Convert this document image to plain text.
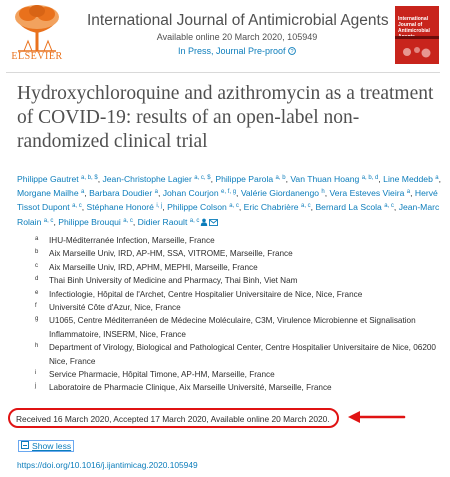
ELSEVIER
International Journal of Antimicrobial Agents
Available online 20 March 2020, 105949
In Press, Journal Pre-proof ?
International Journal of Antimicrobial
Hydroxychloroquine and azithromycin as a treatment of COVID-19: results of an open-label non-randomized clinical trial
Philippe Gautret $^{a, b, \$}$, Jean-Christophe Lagier $^{a, c, \$}$, Philippe Parola $^{a, b}$, Van Thuan Hoang $^{a, b, d}$, Line Meddeb $^a$, Morgane Mailhe $^a$, Barbara Doudier $^a$, Johan Courjon $^{e, f, g}$, Valérie Giordanengo $^h$, Vera Esteves Vieira $^a$, Hervé Tissot Dupont $^{a, c}$, Stéphane Honoré $^{i, j}$, Philippe Colson $^{a, c}$, Eric Chabrière $^{a, c}$, Bernard La Scola $^{a, c}$, Jean-Marc Rolain $^{a, c}$, Philippe Brouqui $^{a, c}$, Didier Raoult $^{a, c}$
a IHU-Méditerranée Infection, Marseille, France
b Aix Marseille Univ, IRD, AP-HM, SSA, VITROME, Marseille, France
c Aix Marseille Univ, IRD, APHM, MEPHI, Marseille, France
d Thai Binh University of Medicine and Pharmacy, Thai Binh, Viet Nam
e Infectiologie, Hôpital de l'Archet, Centre Hospitalier Universitaire de Nice, Nice, France
f Université Côte d'Azur, Nice, France
g U1065, Centre Méditerranéen de Médecine Moléculaire, C3M, Virulence Microbienne et Signalisation Inflammatoire, INSERM, Nice, France
h Department of Virology, Biological and Pathological Center, Centre Hospitalier Universitaire de Nice, 06200 Nice, France
i Service Pharmacie, Hôpital Timone, AP-HM, Marseille, France
j Laboratoire de Pharmacie Clinique, Aix Marseille Université, Marseille, France
Received 16 March 2020, Accepted 17 March 2020, Available online 20 March 2020.
Show less
https://doi.org/10.1016/j.ijantimicag.2020.105949
